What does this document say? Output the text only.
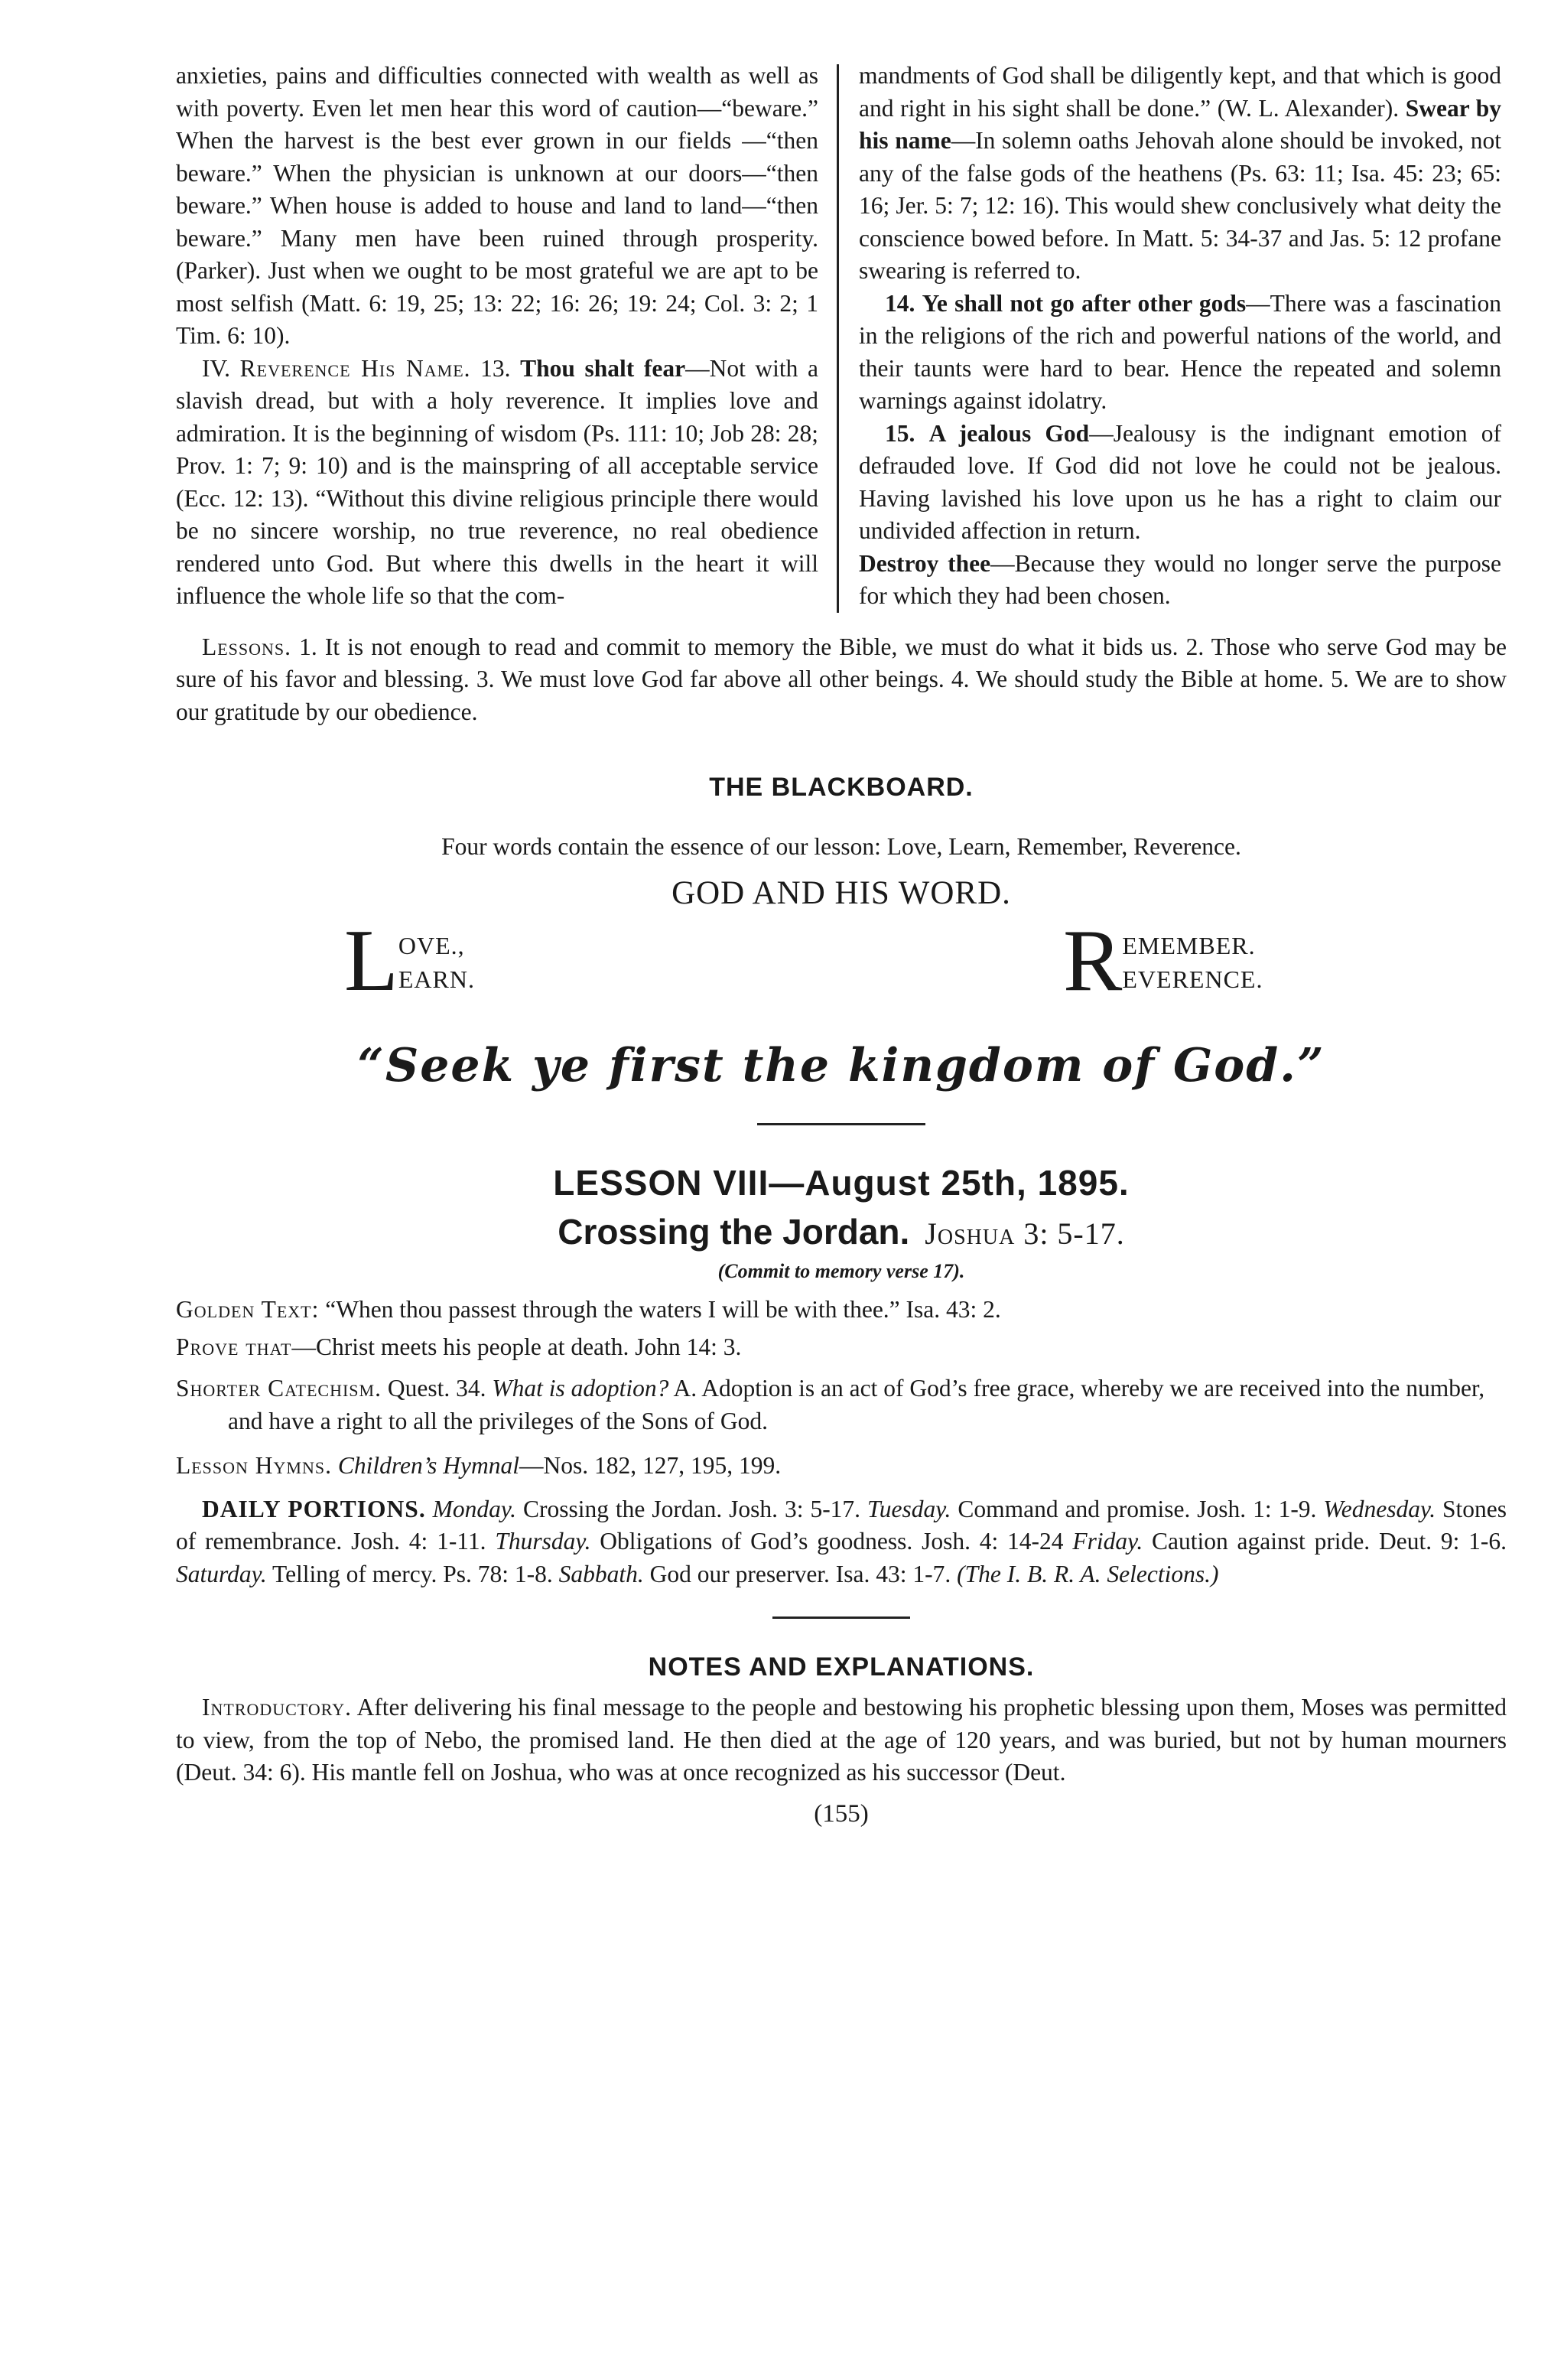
anxieties, pains and difficulties connected with wealth as well as with poverty. Even let men hear this word of caution—“beware.” When the harvest is the best ever grown in our fields —“then beware.” When the physician is unknown at our doors—“then beware.” When house is added to house and land to land—“then beware.” Many men have been ruined through prosperity. (Parker). Just when we ought to be most grateful we are apt to be most selfish (Matt. 6: 19, 25; 13: 22; 16: 26; 19: 24; Col. 3: 2; 1 Tim. 6: 10).

IV. Reverence His Name. 13. Thou shalt fear—Not with a slavish dread, but with a holy reverence. It implies love and admiration. It is the beginning of wisdom (Ps. 111: 10; Job 28: 28; Prov. 1: 7; 9: 10) and is the mainspring of all acceptable service (Ecc. 12: 13). “Without this divine religious principle there would be no sincere worship, no true reverence, no real obedience rendered unto God. But where this dwells in the heart it will influence the whole life so that the com-

mandments of God shall be diligently kept, and that which is good and right in his sight shall be done.” (W. L. Alexander). Swear by his name—In solemn oaths Jehovah alone should be invoked, not any of the false gods of the heathens (Ps. 63: 11; Isa. 45: 23; 65: 16; Jer. 5: 7; 12: 16). This would shew conclusively what deity the conscience bowed before. In Matt. 5: 34-37 and Jas. 5: 12 profane swearing is referred to.

14. Ye shall not go after other gods—There was a fascination in the religions of the rich and powerful nations of the world, and their taunts were hard to bear. Hence the repeated and solemn warnings against idolatry.

15. A jealous God—Jealousy is the indignant emotion of defrauded love. If God did not love he could not be jealous. Having lavished his love upon us he has a right to claim our undivided affection in return.

Destroy thee—Because they would no longer serve the purpose for which they had been chosen.

Lessons. 1. It is not enough to read and commit to memory the Bible, we must do what it bids us. 2. Those who serve God may be sure of his favor and blessing. 3. We must love God far above all other beings. 4. We should study the Bible at home. 5. We are to show our gratitude by our obedience.

THE BLACKBOARD.
Four words contain the essence of our lesson: Love, Learn, Remember, Reverence.
GOD AND HIS WORD.
L OVE.,
EARN.	R EMEMBER.
EVERENCE.
“Seek ye first the kingdom of God.”
LESSON VIII—August 25th, 1895.
Crossing the Jordan. Joshua 3: 5-17.
(Commit to memory verse 17).

Golden Text: “When thou passest through the waters I will be with thee.” Isa. 43: 2.

Prove that—Christ meets his people at death. John 14: 3.

Shorter Catechism. Quest. 34. What is adoption? A. Adoption is an act of God’s free grace, whereby we are received into the number, and have a right to all the privileges of the Sons of God.

Lesson Hymns. Children’s Hymnal—Nos. 182, 127, 195, 199.

DAILY PORTIONS. Monday. Crossing the Jordan. Josh. 3: 5-17. Tuesday. Command and promise. Josh. 1: 1-9. Wednesday. Stones of remembrance. Josh. 4: 1-11. Thursday. Obligations of God’s goodness. Josh. 4: 14-24 Friday. Caution against pride. Deut. 9: 1-6. Saturday. Telling of mercy. Ps. 78: 1-8. Sabbath. God our preserver. Isa. 43: 1-7. (The I. B. R. A. Selections.)

NOTES AND EXPLANATIONS.

Introductory. After delivering his final message to the people and bestowing his prophetic blessing upon them, Moses was permitted to view, from the top of Nebo, the promised land. He then died at the age of 120 years, and was buried, but not by human mourners (Deut. 34: 6). His mantle fell on Joshua, who was at once recognized as his successor (Deut.

(155)
